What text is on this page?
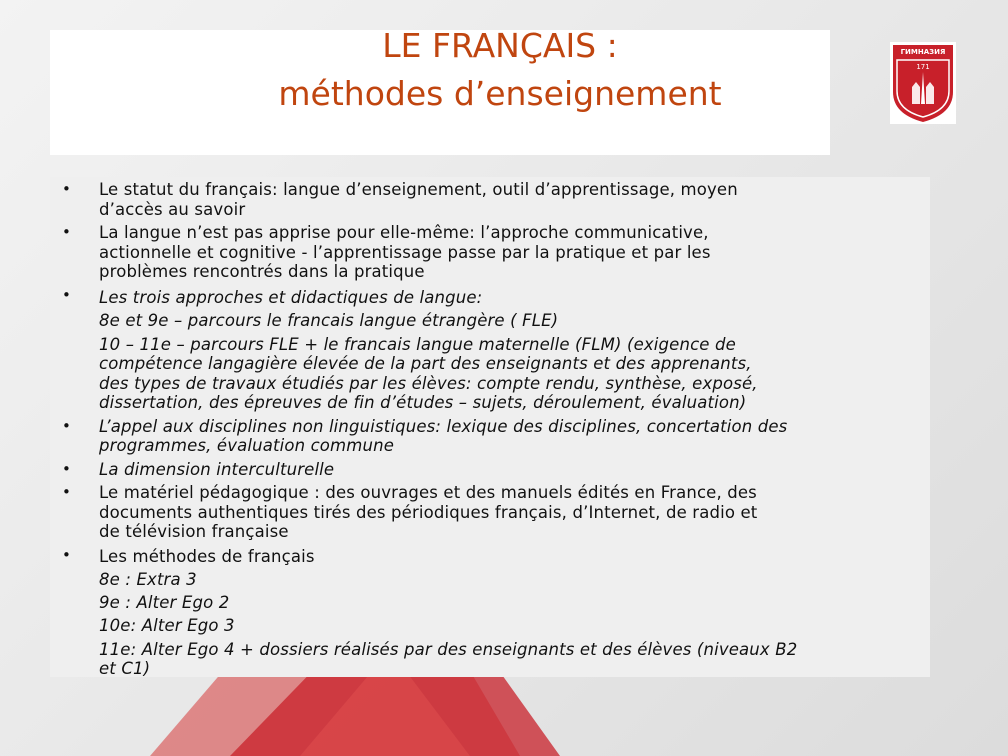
LE FRANÇAIS :
méthodes d’enseignement
ГИМНАЗИЯ
171
• Le statut du français: langue d’enseignement, outil d’apprentissage, moyen
d’accès au savoir
• La langue n’est pas apprise pour elle-même: l’approche communicative,
actionnelle et cognitive - l’apprentissage passe par la pratique et par les
problèmes rencontrés dans la pratique
• Les trois approches et didactiques de langue:
8e et 9e – parcours le francais langue étrangère ( FLE)
10 – 11e – parcours FLE + le francais langue maternelle (FLM) (exigence de
compétence langagière élevée de la part des enseignants et des apprenants,
des types de travaux étudiés par les élèves: compte rendu, synthèse, exposé,
dissertation, des épreuves de fin d’études – sujets, déroulement, évaluation)
• L’appel aux disciplines non linguistiques: lexique des disciplines, concertation des
programmes, évaluation commune
• La dimension interculturelle
• Le matériel pédagogique : des ouvrages et des manuels édités en France, des
documents authentiques tirés des périodiques français, d’Internet, de radio et
de télévision française
• Les méthodes de français
8e : Extra 3
9e : Alter Ego 2
10e: Alter Ego 3
11e: Alter Ego 4 + dossiers réalisés par des enseignants et des élèves (niveaux B2
et C1)
